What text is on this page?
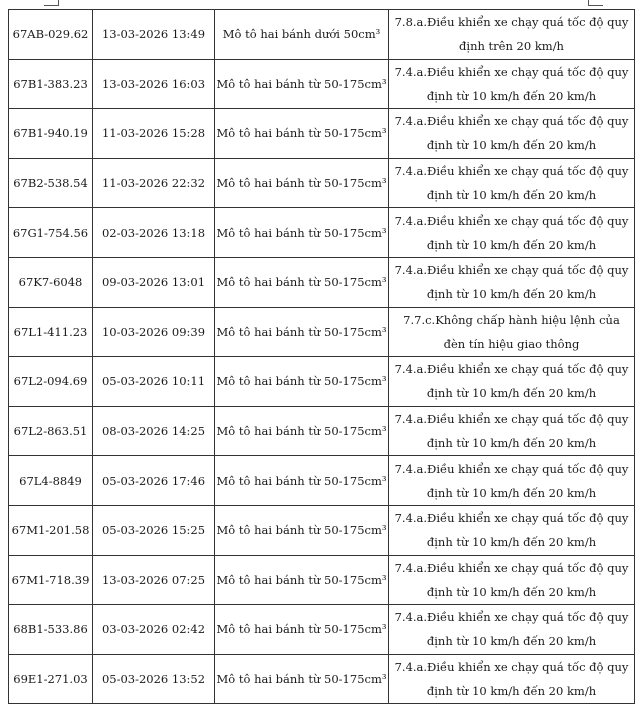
67AB-029.62	13-03-2026 13:49	Mô tô hai bánh dưới 50cm³	7.8.a.Điều khiển xe chạy quá tốc độ quy định trên 20 km/h
67B1-383.23	13-03-2026 16:03	Mô tô hai bánh từ 50-175cm³	7.4.a.Điều khiển xe chạy quá tốc độ quy định từ 10 km/h đến 20 km/h
67B1-940.19	11-03-2026 15:28	Mô tô hai bánh từ 50-175cm³	7.4.a.Điều khiển xe chạy quá tốc độ quy định từ 10 km/h đến 20 km/h
67B2-538.54	11-03-2026 22:32	Mô tô hai bánh từ 50-175cm³	7.4.a.Điều khiển xe chạy quá tốc độ quy định từ 10 km/h đến 20 km/h
67G1-754.56	02-03-2026 13:18	Mô tô hai bánh từ 50-175cm³	7.4.a.Điều khiển xe chạy quá tốc độ quy định từ 10 km/h đến 20 km/h
67K7-6048	09-03-2026 13:01	Mô tô hai bánh từ 50-175cm³	7.4.a.Điều khiển xe chạy quá tốc độ quy định từ 10 km/h đến 20 km/h
67L1-411.23	10-03-2026 09:39	Mô tô hai bánh từ 50-175cm³	7.7.c.Không chấp hành hiệu lệnh của đèn tín hiệu giao thông
67L2-094.69	05-03-2026 10:11	Mô tô hai bánh từ 50-175cm³	7.4.a.Điều khiển xe chạy quá tốc độ quy định từ 10 km/h đến 20 km/h
67L2-863.51	08-03-2026 14:25	Mô tô hai bánh từ 50-175cm³	7.4.a.Điều khiển xe chạy quá tốc độ quy định từ 10 km/h đến 20 km/h
67L4-8849	05-03-2026 17:46	Mô tô hai bánh từ 50-175cm³	7.4.a.Điều khiển xe chạy quá tốc độ quy định từ 10 km/h đến 20 km/h
67M1-201.58	05-03-2026 15:25	Mô tô hai bánh từ 50-175cm³	7.4.a.Điều khiển xe chạy quá tốc độ quy định từ 10 km/h đến 20 km/h
67M1-718.39	13-03-2026 07:25	Mô tô hai bánh từ 50-175cm³	7.4.a.Điều khiển xe chạy quá tốc độ quy định từ 10 km/h đến 20 km/h
68B1-533.86	03-03-2026 02:42	Mô tô hai bánh từ 50-175cm³	7.4.a.Điều khiển xe chạy quá tốc độ quy định từ 10 km/h đến 20 km/h
69E1-271.03	05-03-2026 13:52	Mô tô hai bánh từ 50-175cm³	7.4.a.Điều khiển xe chạy quá tốc độ quy định từ 10 km/h đến 20 km/h
